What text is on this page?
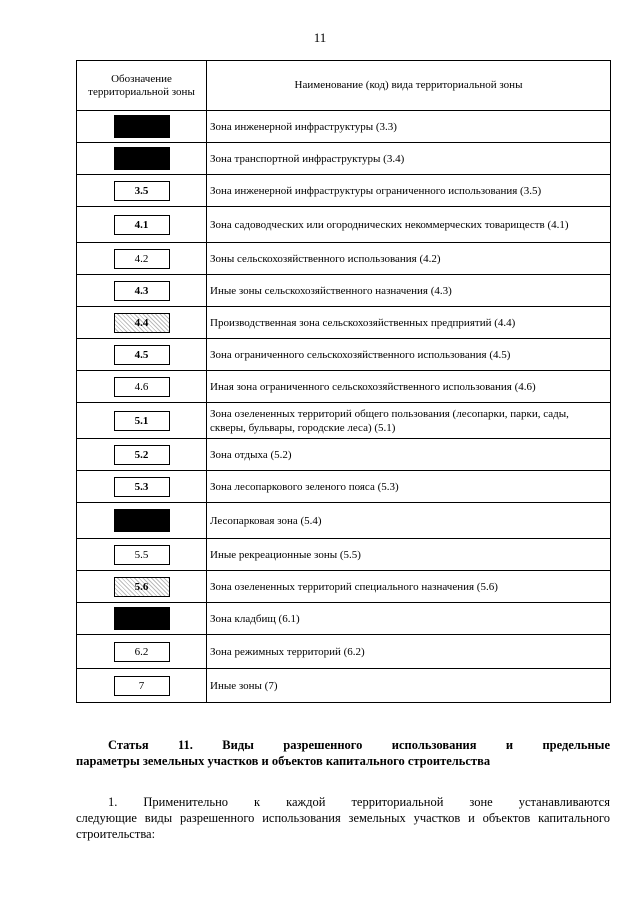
11
Обозначение территориальной зоны	Наименование (код) вида территориальной зоны
	Зона инженерной инфраструктуры (3.3)
	Зона транспортной инфраструктуры (3.4)
3.5	Зона инженерной инфраструктуры ограниченного использования (3.5)
4.1	Зона садоводческих или огороднических некоммерческих товариществ (4.1)
4.2	Зоны сельскохозяйственного использования (4.2)
4.3	Иные зоны сельскохозяйственного назначения (4.3)
4.4	Производственная зона сельскохозяйственных предприятий (4.4)
4.5	Зона ограниченного сельскохозяйственного использования (4.5)
4.6	Иная зона ограниченного сельскохозяйственного использования (4.6)
5.1	Зона озелененных территорий общего пользования (лесопарки, парки, сады, скверы, бульвары, городские леса) (5.1)
5.2	Зона отдыха (5.2)
5.3	Зона лесопаркового зеленого пояса (5.3)
	Лесопарковая зона (5.4)
5.5	Иные рекреационные зоны (5.5)
5.6	Зона озелененных территорий специального назначения (5.6)
	Зона кладбищ (6.1)
6.2	Зона режимных территорий (6.2)
7	Иные зоны (7)
Статья 11. Виды разрешенного использования и предельные
параметры земельных участков и объектов капитального строительства
1. Применительно к каждой территориальной зоне устанавливаются
следующие виды разрешенного использования земельных участков и объектов капитального строительства:
